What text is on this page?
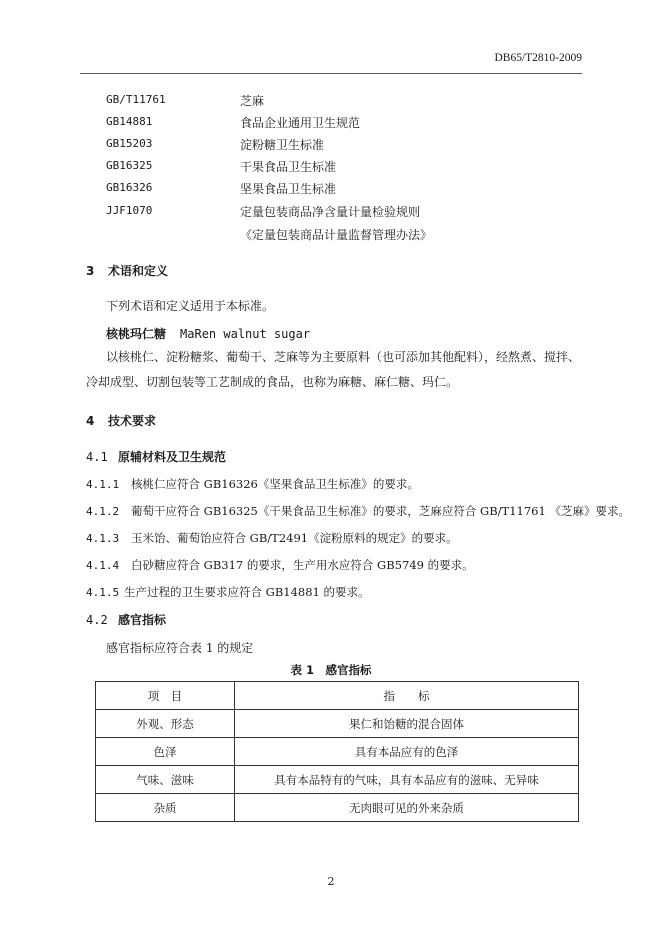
DB65/T2810-2009
GB/T11761	芝麻
GB14881	食品企业通用卫生规范
GB15203	淀粉糖卫生标准
GB16325	干果食品卫生标准
GB16326	坚果食品卫生标准
JJF1070	定量包装商品净含量计量检验规则
《定量包装商品计量监督管理办法》
3 术语和定义
下列术语和定义适用于本标准。
核桃玛仁糖 MaRen walnut sugar
以核桃仁、淀粉糖浆、葡萄干、芝麻等为主要原料（也可添加其他配料），经熬煮、搅拌、冷却成型、切割包装等工艺制成的食品，也称为麻糖、麻仁糖、玛仁。
4 技术要求
4.1 原辅材料及卫生规范
4.1.1 核桃仁应符合 GB16326《坚果食品卫生标准》的要求。
4.1.2 葡萄干应符合 GB16325《干果食品卫生标准》的要求，芝麻应符合 GB/T11761 《芝麻》要求。
4.1.3 玉米饴、葡萄饴应符合 GB/T2491《淀粉原料的规定》的要求。
4.1.4 白砂糖应符合 GB317 的要求，生产用水应符合 GB5749 的要求。
4.1.5 生产过程的卫生要求应符合 GB14881 的要求。
4.2 感官指标
感官指标应符合表 1 的规定
表 1　感官指标
项　目	指　　标
外观、形态	果仁和饴糖的混合固体
色泽	具有本品应有的色泽
气味、滋味	具有本品特有的气味，具有本品应有的滋味、无异味
杂质	无肉眼可见的外来杂质
2
